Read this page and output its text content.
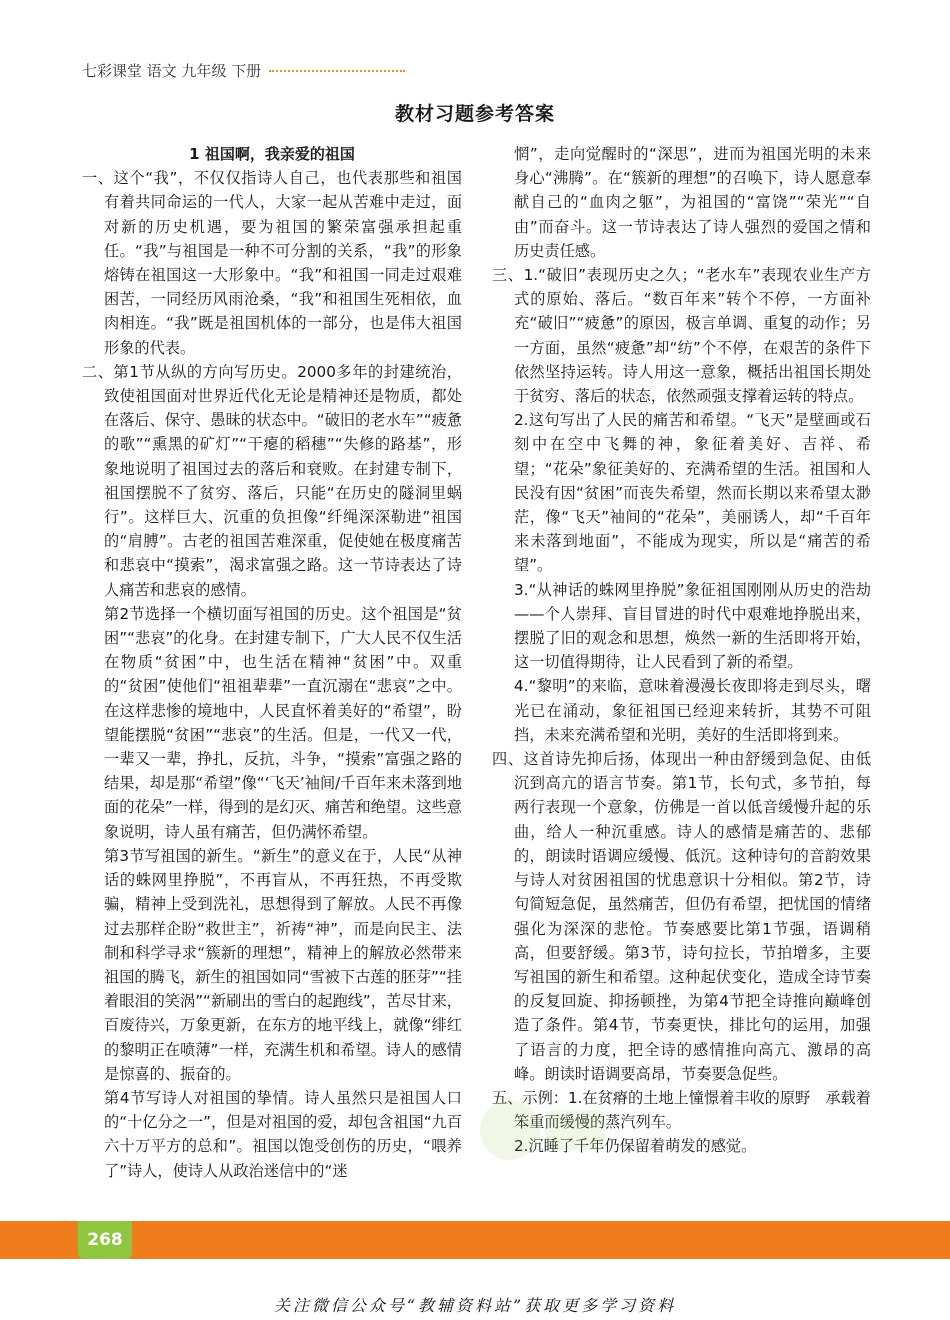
七彩课堂 语文 九年级 下册
教材习题参考答案

1 祖国啊，我亲爱的祖国

一、这个“我”，不仅仅指诗人自己，也代表那些和祖国有着共同命运的一代人，大家一起从苦难中走过，面对新的历史机遇，要为祖国的繁荣富强承担起重任。“我”与祖国是一种不可分割的关系，“我”的形象熔铸在祖国这一大形象中。“我”和祖国一同走过艰难困苦，一同经历风雨沧桑，“我”和祖国生死相依，血肉相连。“我”既是祖国机体的一部分，也是伟大祖国形象的代表。

二、第1节从纵的方向写历史。2000多年的封建统治，致使祖国面对世界近代化无论是精神还是物质，都处在落后、保守、愚昧的状态中。“破旧的老水车”“疲惫的歌”“熏黑的矿灯”“干瘪的稻穗”“失修的路基”，形象地说明了祖国过去的落后和衰败。在封建专制下，祖国摆脱不了贫穷、落后，只能“在历史的隧洞里蜗行”。这样巨大、沉重的负担像“纤绳深深勒进”祖国的“肩膊”。古老的祖国苦难深重，促使她在极度痛苦和悲哀中“摸索”，渴求富强之路。这一节诗表达了诗人痛苦和悲哀的感情。

第2节选择一个横切面写祖国的历史。这个祖国是“贫困”“悲哀”的化身。在封建专制下，广大人民不仅生活在物质“贫困”中，也生活在精神“贫困”中。双重的“贫困”使他们“祖祖辈辈”一直沉溺在“悲哀”之中。在这样悲惨的境地中，人民直怀着美好的“希望”，盼望能摆脱“贫困”“悲哀”的生活。但是，一代又一代，一辈又一辈，挣扎，反抗，斗争，“摸索”富强之路的结果，却是那“希望”像“‘飞天’袖间/千百年来未落到地面的花朵”一样，得到的是幻灭、痛苦和绝望。这些意象说明，诗人虽有痛苦，但仍满怀希望。

第3节写祖国的新生。“新生”的意义在于，人民“从神话的蛛网里挣脱”，不再盲从，不再狂热，不再受欺骗，精神上受到洗礼，思想得到了解放。人民不再像过去那样企盼“救世主”，祈祷“神”，而是向民主、法制和科学寻求“簇新的理想”，精神上的解放必然带来祖国的腾飞，新生的祖国如同“雪被下古莲的胚芽”“挂着眼泪的笑涡”“新刷出的雪白的起跑线”，苦尽甘来，百废待兴，万象更新，在东方的地平线上，就像“绯红的黎明正在喷薄”一样，充满生机和希望。诗人的感情是惊喜的、振奋的。

第4节写诗人对祖国的挚情。诗人虽然只是祖国人口的“十亿分之一”，但是对祖国的爱，却包含祖国“九百六十万平方的总和”。祖国以饱受创伤的历史，“喂养了”诗人，使诗人从政治迷信中的“迷

惘”，走向觉醒时的“深思”，进而为祖国光明的未来身心“沸腾”。在“簇新的理想”的召唤下，诗人愿意奉献自己的“血肉之躯”，为祖国的“富饶”“荣光”“自由”而奋斗。这一节诗表达了诗人强烈的爱国之情和历史责任感。

三、1.“破旧”表现历史之久；“老水车”表现农业生产方式的原始、落后。“数百年来”转个不停，一方面补充“破旧”“疲惫”的原因，极言单调、重复的动作；另一方面，虽然“疲惫”却“纺”个不停，在艰苦的条件下依然坚持运转。诗人用这一意象，概括出祖国长期处于贫穷、落后的状态，依然顽强支撑着运转的特点。

2.这句写出了人民的痛苦和希望。“飞天”是壁画或石刻中在空中飞舞的神，象征着美好、吉祥、希望；“花朵”象征美好的、充满希望的生活。祖国和人民没有因“贫困”而丧失希望，然而长期以来希望太渺茫，像“飞天”袖间的“花朵”，美丽诱人，却“千百年来未落到地面”，不能成为现实，所以是“痛苦的希望”。

3.“从神话的蛛网里挣脱”象征祖国刚刚从历史的浩劫——个人崇拜、盲目冒进的时代中艰难地挣脱出来，摆脱了旧的观念和思想，焕然一新的生活即将开始，这一切值得期待，让人民看到了新的希望。

4.“黎明”的来临，意味着漫漫长夜即将走到尽头，曙光已在涌动，象征祖国已经迎来转折，其势不可阻挡，未来充满希望和光明，美好的生活即将到来。

四、这首诗先抑后扬，体现出一种由舒缓到急促、由低沉到高亢的语言节奏。第1节，长句式，多节拍，每两行表现一个意象，仿佛是一首以低音缓慢升起的乐曲，给人一种沉重感。诗人的感情是痛苦的、悲郁的，朗读时语调应缓慢、低沉。这种诗句的音韵效果与诗人对贫困祖国的忧患意识十分相似。第2节，诗句简短急促，虽然痛苦，但仍有希望，把忧国的情绪强化为深深的悲怆。节奏感要比第1节强，语调稍高，但要舒缓。第3节，诗句拉长，节拍增多，主要写祖国的新生和希望。这种起伏变化，造成全诗节奏的反复回旋、抑扬顿挫，为第4节把全诗推向巅峰创造了条件。第4节，节奏更快，排比句的运用，加强了语言的力度，把全诗的感情推向高亢、激昂的高峰。朗读时语调要高昂，节奏要急促些。

五、示例：1.在贫瘠的土地上憧憬着丰收的原野　承载着笨重而缓慢的蒸汽列车。

2.沉睡了千年仍保留着萌发的感觉。

268
关注微信公众号“教辅资料站”获取更多学习资料
